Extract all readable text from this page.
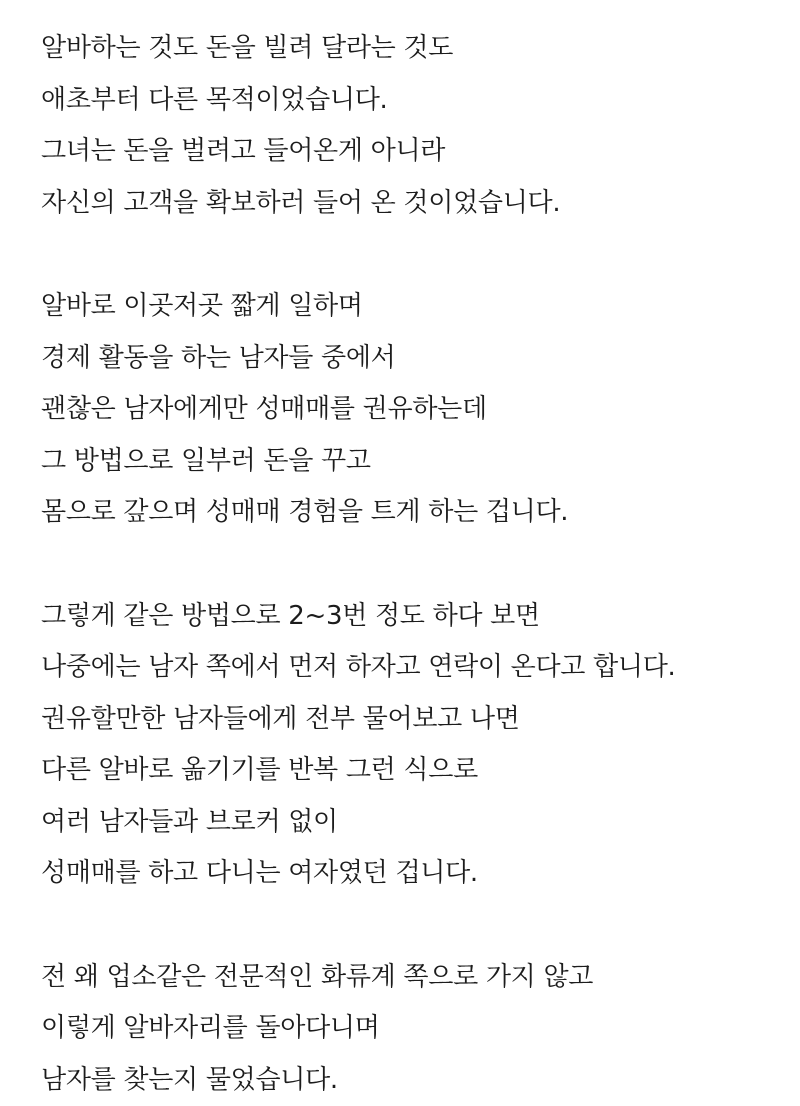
알바하는 것도 돈을 빌려 달라는 것도
애초부터 다른 목적이었습니다.
그녀는 돈을 벌려고 들어온게 아니라
자신의 고객을 확보하러 들어 온 것이었습니다.
알바로 이곳저곳 짧게 일하며
경제 활동을 하는 남자들 중에서
괜찮은 남자에게만 성매매를 권유하는데
그 방법으로 일부러 돈을 꾸고
몸으로 갚으며 성매매 경험을 트게 하는 겁니다.
그렇게 같은 방법으로 2~3번 정도 하다 보면
나중에는 남자 쪽에서 먼저 하자고 연락이 온다고 합니다.
권유할만한 남자들에게 전부 물어보고 나면
다른 알바로 옮기기를 반복 그런 식으로
여러 남자들과 브로커 없이
성매매를 하고 다니는 여자였던 겁니다.
전 왜 업소같은 전문적인 화류계 쪽으로 가지 않고
이렇게 알바자리를 돌아다니며
남자를 찾는지 물었습니다.
